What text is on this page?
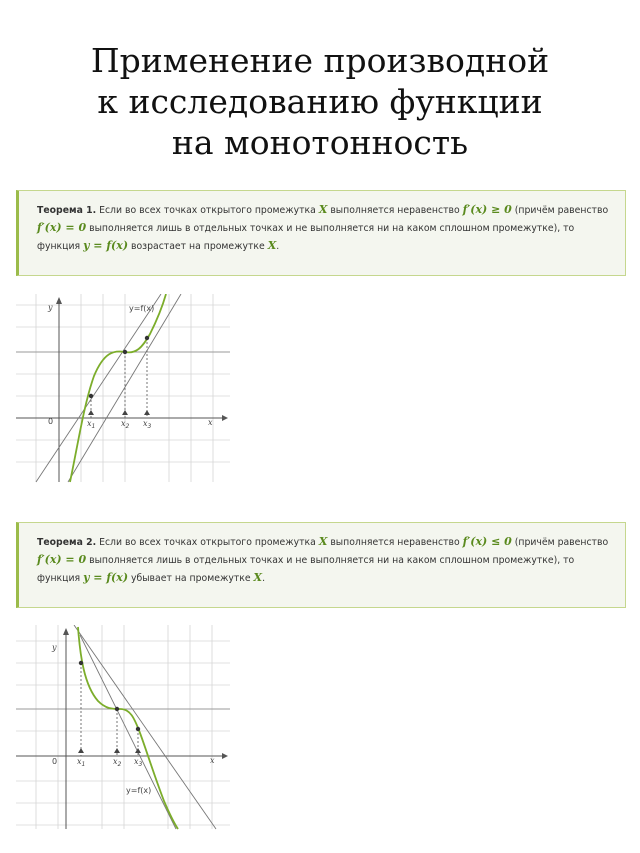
Применение производной
к исследованию функции
на монотонность
Теорема 1. Если во всех точках открытого промежутка X выполняется неравенство f′(x) ≥ 0 (причём равенство f′(x) = 0 выполняется лишь в отдельных точках и не выполняется ни на каком сплошном промежутке), то функция y = f(x) возрастает на промежутке X.
y
x
0
y=f(x)
$x_1$	$x_2$ $x_3$
Теорема 2. Если во всех точках открытого промежутка X выполняется неравенство f′(x) ≤ 0 (причём равенство f′(x) = 0 выполняется лишь в отдельных точках и не выполняется ни на каком сплошном промежутке), то функция y = f(x) убывает на промежутке X.
y
x
0
y=f(x)
$x_1$	$x_2$ $x_3$
